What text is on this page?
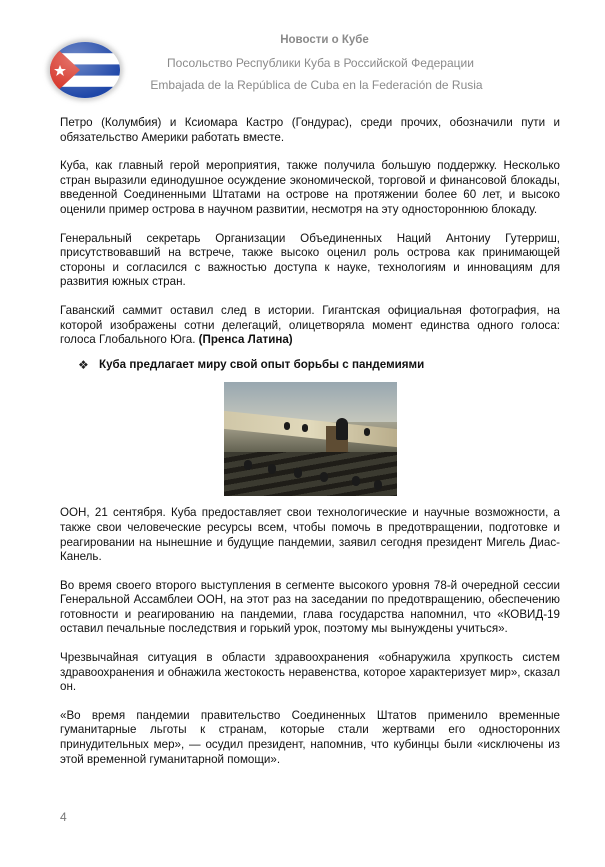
Новости о Кубе
Посольство Республики Куба в Российской Федерации
Embajada de la República de Cuba en la Federación de Rusia

Петро (Колумбия) и Ксиомара Кастро (Гондурас), среди прочих, обозначили пути и обязательство Америки работать вместе.

Куба, как главный герой мероприятия, также получила большую поддержку. Несколько стран выразили единодушное осуждение экономической, торговой и финансовой блокады, введенной Соединенными Штатами на острове на протяжении более 60 лет, и высоко оценили пример острова в научном развитии, несмотря на эту одностороннюю блокаду.

Генеральный секретарь Организации Объединенных Наций Антониу Гутерриш, присутствовавший на встрече, также высоко оценил роль острова как принимающей стороны и согласился с важностью доступа к науке, технологиям и инновациям для развития южных стран.

Гаванский саммит оставил след в истории. Гигантская официальная фотография, на которой изображены сотни делегаций, олицетворяла момент единства одного голоса: голоса Глобального Юга. (Пренса Латина)

❖ Куба предлагает миру свой опыт борьбы с пандемиями

ООН, 21 сентября. Куба предоставляет свои технологические и научные возможности, а также свои человеческие ресурсы всем, чтобы помочь в предотвращении, подготовке и реагировании на нынешние и будущие пандемии, заявил сегодня президент Мигель Диас-Канель.

Во время своего второго выступления в сегменте высокого уровня 78-й очередной сессии Генеральной Ассамблеи ООН, на этот раз на заседании по предотвращению, обеспечению готовности и реагированию на пандемии, глава государства напомнил, что «КОВИД-19 оставил печальные последствия и горький урок, поэтому мы вынуждены учиться».

Чрезвычайная ситуация в области здравоохранения «обнаружила хрупкость систем здравоохранения и обнажила жестокость неравенства, которое характеризует мир», сказал он.

«Во время пандемии правительство Соединенных Штатов применило временные гуманитарные льготы к странам, которые стали жертвами его односторонних принудительных мер», — осудил президент, напомнив, что кубинцы были «исключены из этой временной гуманитарной помощи».

4
